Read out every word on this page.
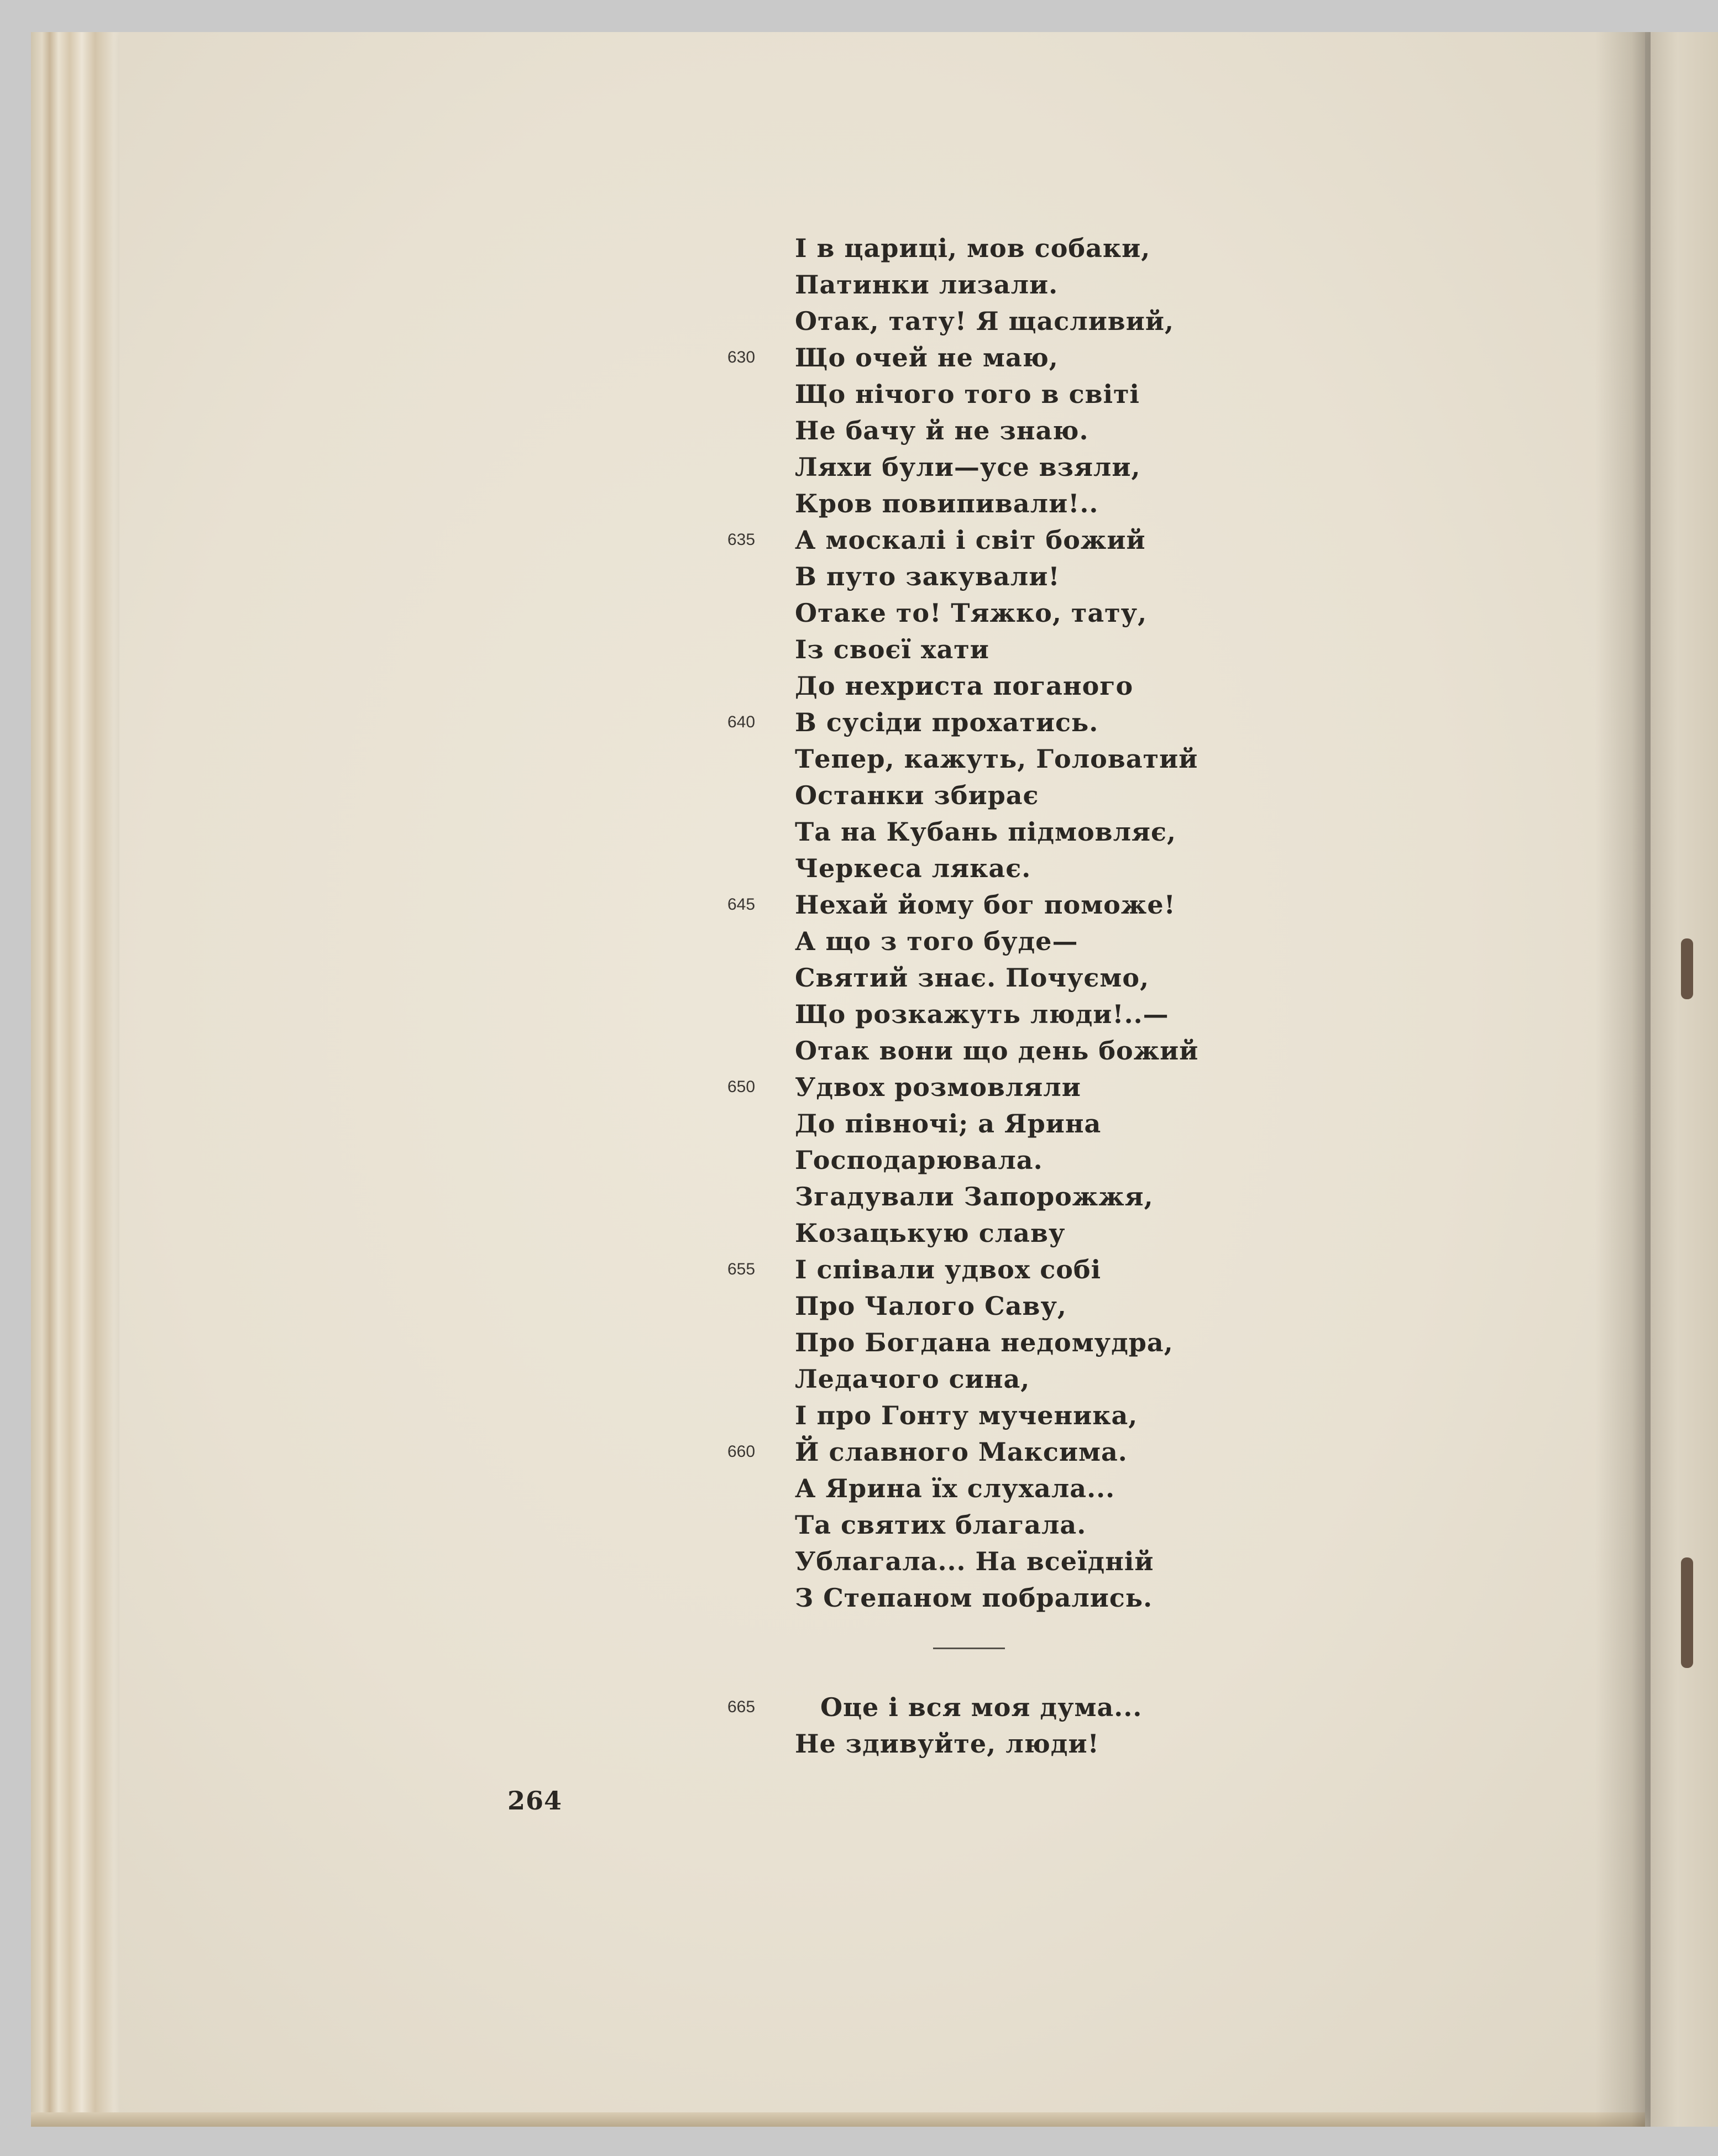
І в цариці, мов собаки,
Патинки лизали.
Отак, тату! Я щасливий,
630	Що очей не маю,
Що нічого того в світі
Не бачу й не знаю.
Ляхи були—усе взяли,
Кров повипивали!..
635	А москалі і світ божий
В путо закували!
Отаке то! Тяжко, тату,
Із своєї хати
До нехриста поганого
640	В сусіди прохатись.
Тепер, кажуть, Головатий
Останки збирає
Та на Кубань підмовляє,
Черкеса лякає.
645	Нехай йому бог поможе!
А що з того буде—
Святий знає. Почуємо,
Що розкажуть люди!..—
Отак вони що день божий
650	Удвох розмовляли
До півночі; а Ярина
Господарювала.
Згадували Запорожжя,
Козацькую славу
655	І співали удвох собі
Про Чалого Саву,
Про Богдана недомудра,
Ледачого сина,
І про Гонту мученика,
660	Й славного Максима.
А Ярина їх слухала...
Та святих благала.
Ублагала... На всеїдній
З Степаном побрались.
665	Оце і вся моя дума...
Не здивуйте, люди!
264
